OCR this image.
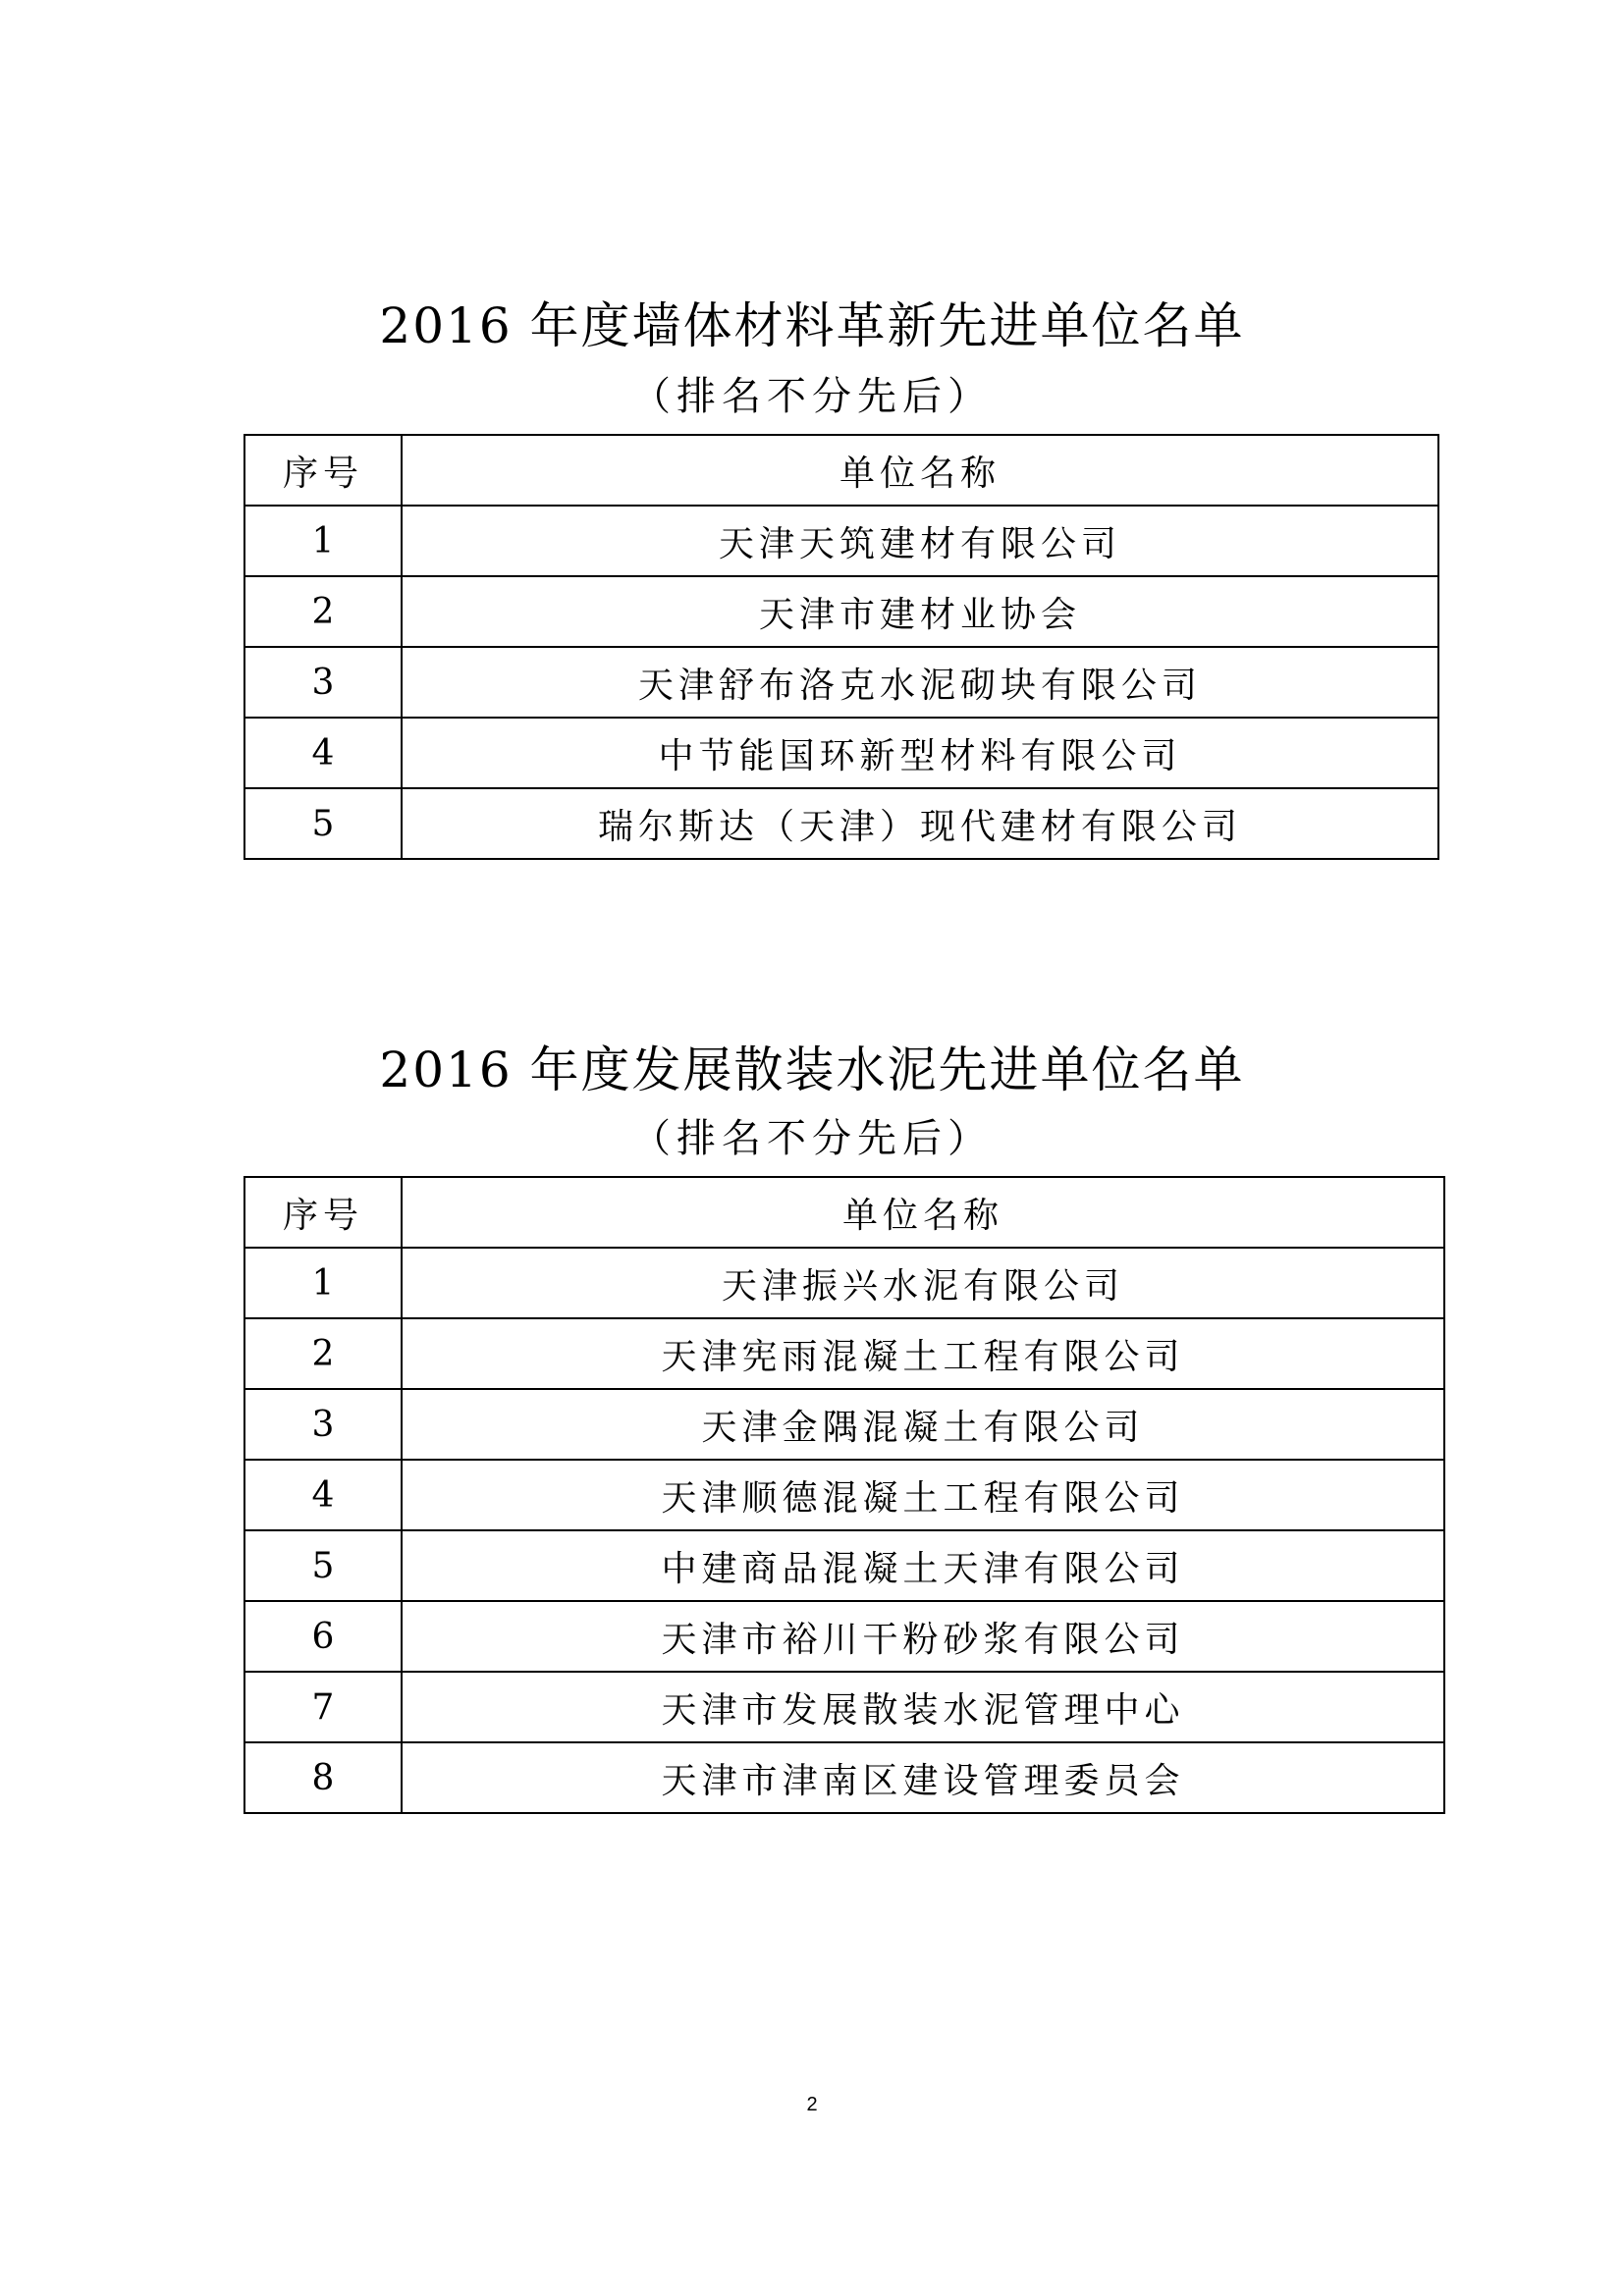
2016 年度墙体材料革新先进单位名单
（排名不分先后）
序号	单位名称
1	天津天筑建材有限公司
2	天津市建材业协会
3	天津舒布洛克水泥砌块有限公司
4	中节能国环新型材料有限公司
5	瑞尔斯达（天津）现代建材有限公司
2016 年度发展散装水泥先进单位名单
（排名不分先后）
序号	单位名称
1	天津振兴水泥有限公司
2	天津宪雨混凝土工程有限公司
3	天津金隅混凝土有限公司
4	天津顺德混凝土工程有限公司
5	中建商品混凝土天津有限公司
6	天津市裕川干粉砂浆有限公司
7	天津市发展散装水泥管理中心
8	天津市津南区建设管理委员会
2
